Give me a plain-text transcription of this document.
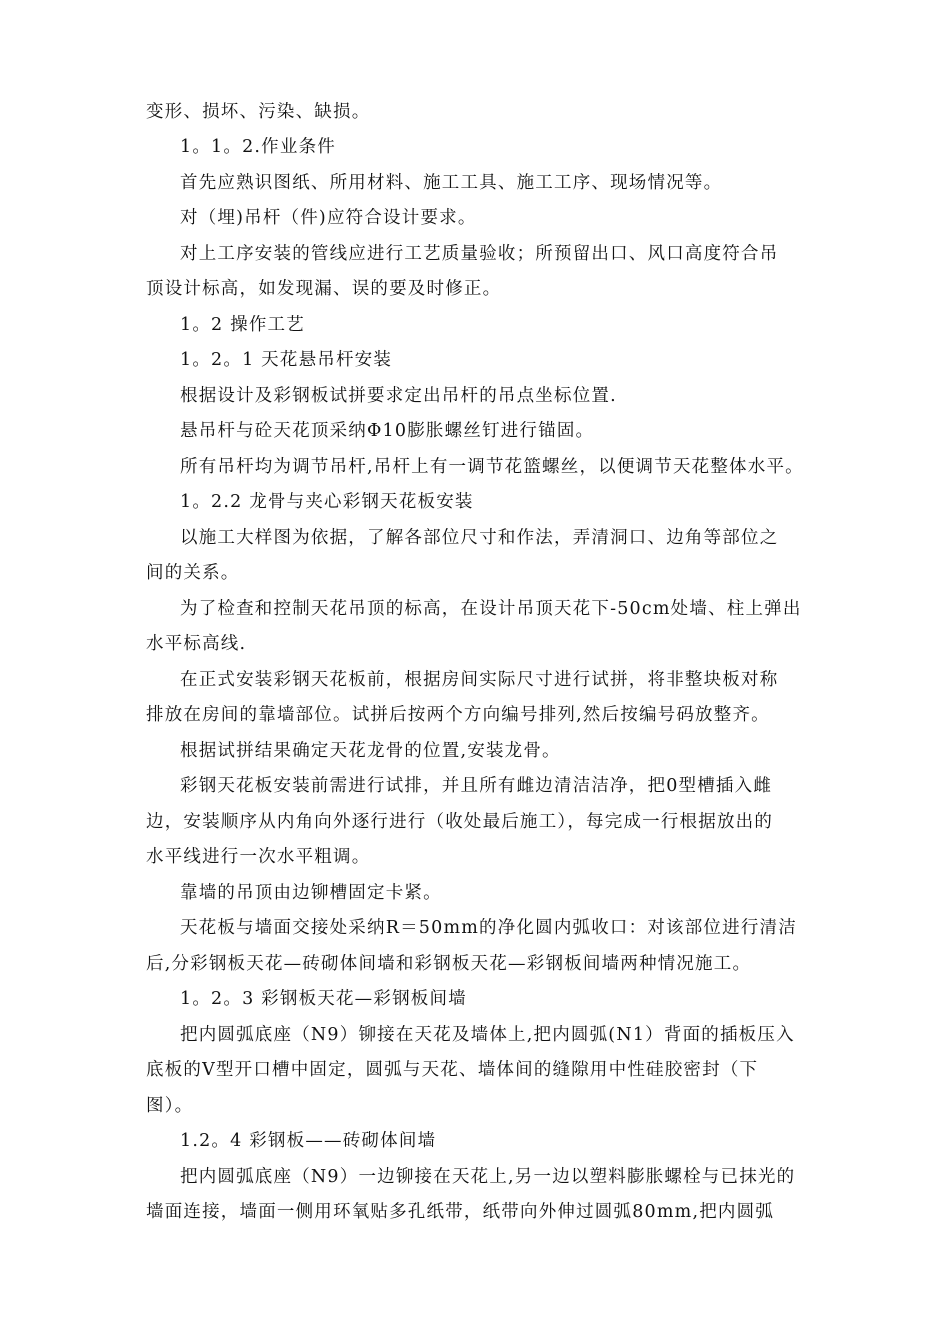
变形、损坏、污染、缺损。
1。1。2.作业条件
首先应熟识图纸、所用材料、施工工具、施工工序、现场情况等。
对（埋)吊杆（件)应符合设计要求。
对上工序安装的管线应进行工艺质量验收；所预留出口、风口高度符合吊
顶设计标高，如发现漏、误的要及时修正。
1。2 操作工艺
1。2。1 天花悬吊杆安装
根据设计及彩钢板试拼要求定出吊杆的吊点坐标位置.
悬吊杆与砼天花顶采纳Φ10膨胀螺丝钉进行锚固。
所有吊杆均为调节吊杆,吊杆上有一调节花篮螺丝，以便调节天花整体水平。
1。2.2 龙骨与夹心彩钢天花板安装
以施工大样图为依据，了解各部位尺寸和作法，弄清洞口、边角等部位之
间的关系。
为了检查和控制天花吊顶的标高，在设计吊顶天花下-50cm处墙、柱上弹出
水平标高线.
在正式安装彩钢天花板前，根据房间实际尺寸进行试拼，将非整块板对称
排放在房间的靠墙部位。试拼后按两个方向编号排列,然后按编号码放整齐。
根据试拼结果确定天花龙骨的位置,安装龙骨。
彩钢天花板安装前需进行试排，并且所有雌边清洁洁净，把0型槽插入雌
边，安装顺序从内角向外逐行进行（收处最后施工），每完成一行根据放出的
水平线进行一次水平粗调。
靠墙的吊顶由边铆槽固定卡紧。
天花板与墙面交接处采纳R＝50mm的净化圆内弧收口：对该部位进行清洁
后,分彩钢板天花—砖砌体间墙和彩钢板天花—彩钢板间墙两种情况施工。
1。2。3 彩钢板天花—彩钢板间墙
把内圆弧底座（N9）铆接在天花及墙体上,把内圆弧(N1）背面的插板压入
底板的V型开口槽中固定，圆弧与天花、墙体间的缝隙用中性硅胶密封（下
图）。
1.2。4 彩钢板——砖砌体间墙
把内圆弧底座（N9）一边铆接在天花上,另一边以塑料膨胀螺栓与已抹光的
墙面连接，墙面一侧用环氧贴多孔纸带，纸带向外伸过圆弧80mm,把内圆弧
